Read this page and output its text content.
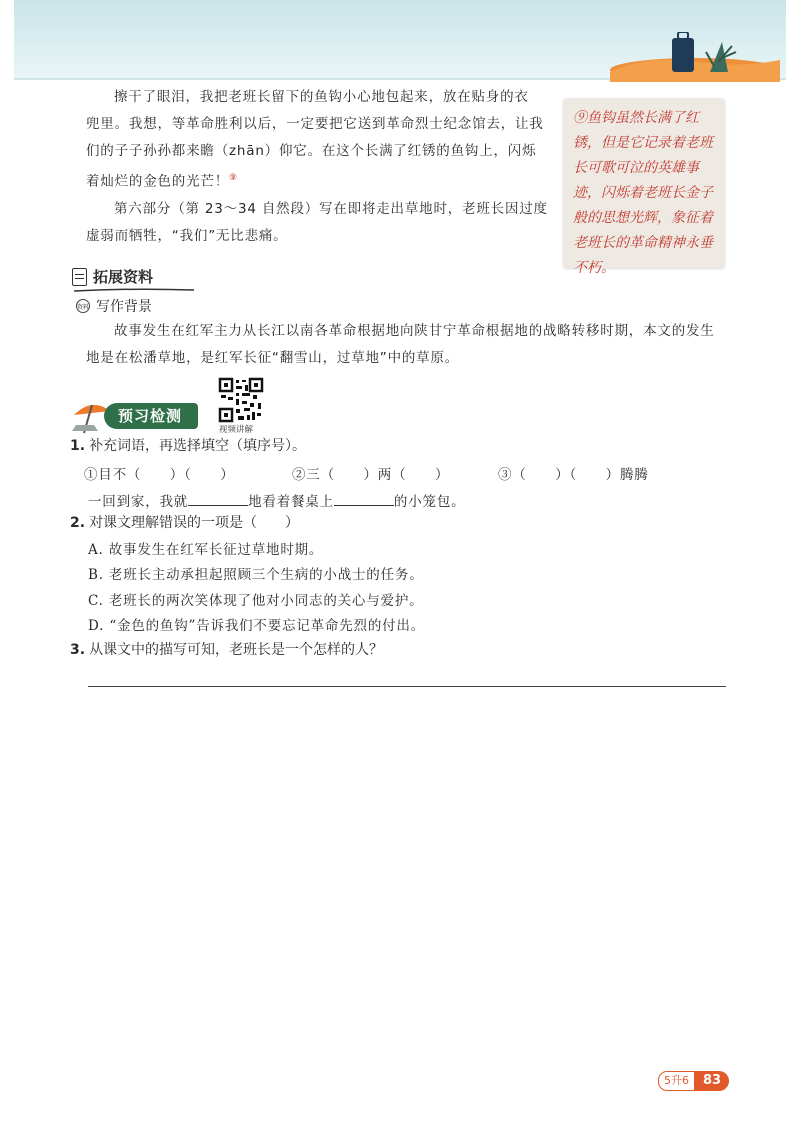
擦干了眼泪，我把老班长留下的鱼钩小心地包起来，放在贴身的衣

兜里。我想，等革命胜利以后，一定要把它送到革命烈士纪念馆去，让我

们的子子孙孙都来瞻（zhān）仰它。在这个长满了红锈的鱼钩上，闪烁

着灿烂的金色的光芒！⑨

第六部分（第 23～34 自然段）写在即将走出草地时，老班长因过度

虚弱而牺牲，“我们”无比悲痛。

⑨鱼钩虽然长满了红锈，但是它记录着老班长可歌可泣的英雄事迹，闪烁着老班长金子般的思想光辉，象征着老班长的革命精神永垂不朽。
拓展资料
资料 写作背景

故事发生在红军主力从长江以南各革命根据地向陕甘宁革命根据地的战略转移时期，本文的发生地是在松潘草地，是红军长征“翻雪山，过草地”中的草原。

预习检测
视频讲解
1. 补充词语，再选择填空（填序号）。
①目不（　　）（　　）	②三（　　）两（　　）	③（　　）（　　）腾腾
一回到家，我就	地看着餐桌上	的小笼包。
2. 对课文理解错误的一项是（　　）
A. 故事发生在红军长征过草地时期。
B. 老班长主动承担起照顾三个生病的小战士的任务。
C. 老班长的两次笑体现了他对小同志的关心与爱护。
D. “金色的鱼钩”告诉我们不要忘记革命先烈的付出。
3. 从课文中的描写可知，老班长是一个怎样的人？
5升6	83
